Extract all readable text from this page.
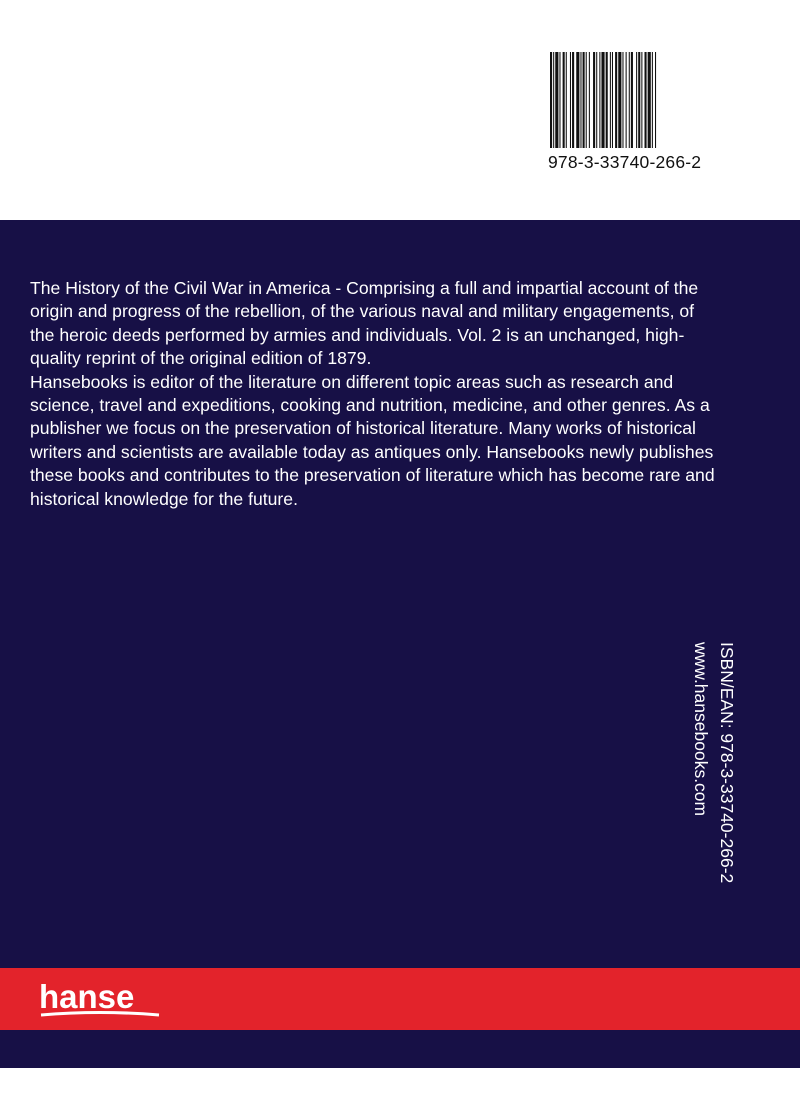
978-3-33740-266-2

The History of the Civil War in America - Comprising a full and impartial account of the origin and progress of the rebellion, of the various naval and military engagements, of the heroic deeds performed by armies and individuals. Vol. 2 is an unchanged, high-quality reprint of the original edition of 1879.
Hansebooks is editor of the literature on different topic areas such as research and science, travel and expeditions, cooking and nutrition, medicine, and other genres. As a publisher we focus on the preservation of historical literature. Many works of historical writers and scientists are available today as antiques only. Hansebooks newly publishes these books and contributes to the preservation of literature which has become rare and historical knowledge for the future.

ISBN/EAN: 978-3-33740-266-2
www.hansebooks.com
hanse
